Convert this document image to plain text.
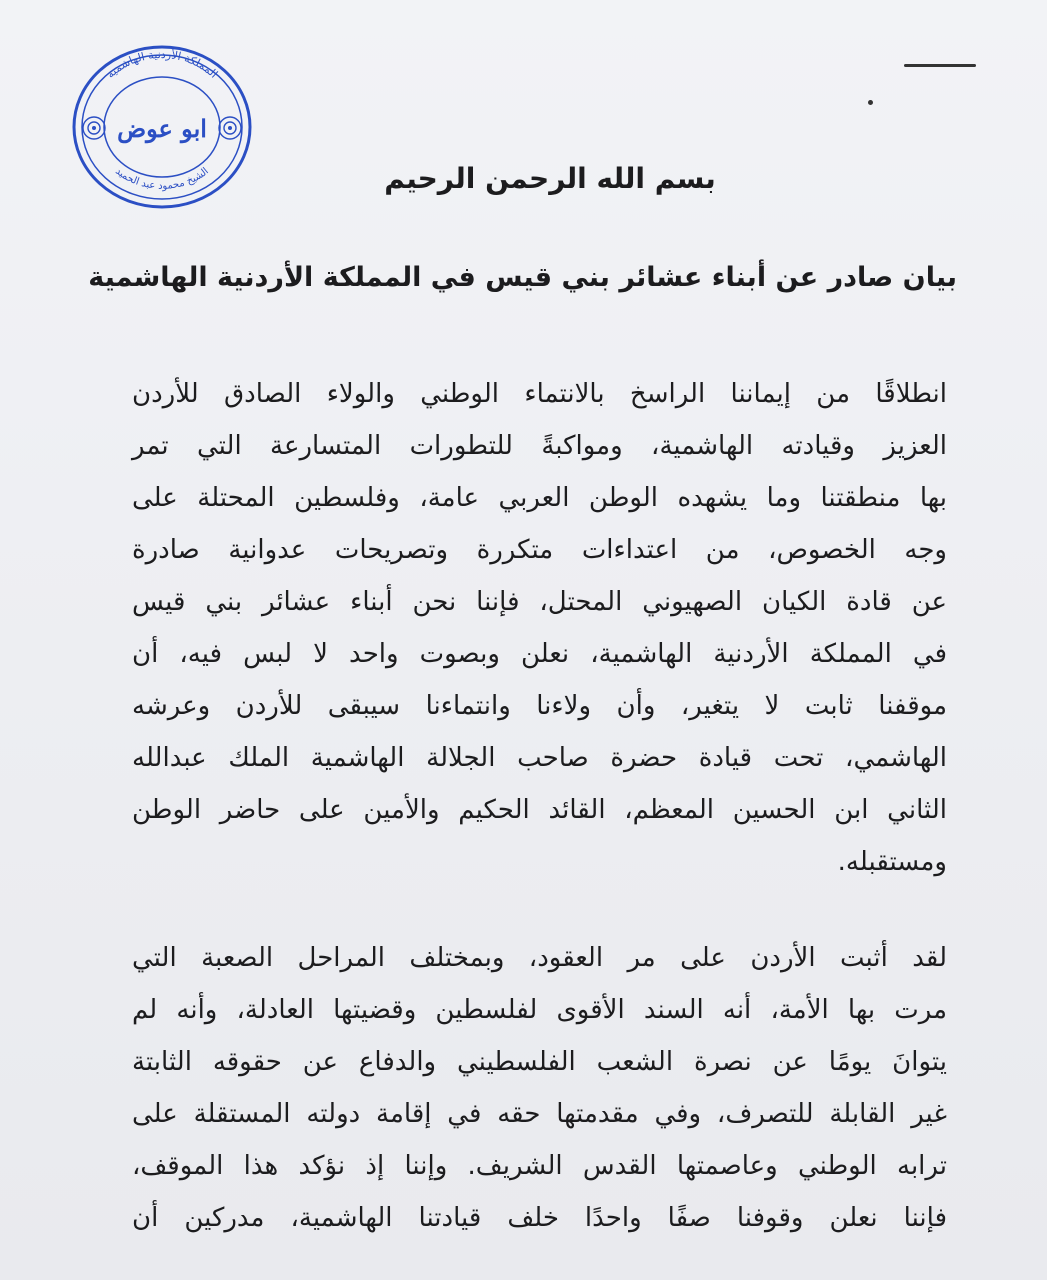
المملكة الأردنية الهاشمية
ابو عوض
الشيخ محمود عبد الحميد	بسم الله الرحمن الرحيم
بيان صادر عن أبناء عشائر بني قيس في المملكة الأردنية الهاشمية
انطلاقًا من إيماننا الراسخ بالانتماء الوطني والولاء الصادق للأردن
العزيز وقيادته الهاشمية، ومواكبةً للتطورات المتسارعة التي تمر
بها منطقتنا وما يشهده الوطن العربي عامة، وفلسطين المحتلة على
وجه الخصوص، من اعتداءات متكررة وتصريحات عدوانية صادرة
عن قادة الكيان الصهيوني المحتل، فإننا نحن أبناء عشائر بني قيس
في المملكة الأردنية الهاشمية، نعلن وبصوت واحد لا لبس فيه، أن
موقفنا ثابت لا يتغير، وأن ولاءنا وانتماءنا سيبقى للأردن وعرشه
الهاشمي، تحت قيادة حضرة صاحب الجلالة الهاشمية الملك عبدالله
الثاني ابن الحسين المعظم، القائد الحكيم والأمين على حاضر الوطن
ومستقبله.
لقد أثبت الأردن على مر العقود، وبمختلف المراحل الصعبة التي
مرت بها الأمة، أنه السند الأقوى لفلسطين وقضيتها العادلة، وأنه لم
يتوانَ يومًا عن نصرة الشعب الفلسطيني والدفاع عن حقوقه الثابتة
غير القابلة للتصرف، وفي مقدمتها حقه في إقامة دولته المستقلة على
ترابه الوطني وعاصمتها القدس الشريف. وإننا إذ نؤكد هذا الموقف،
فإننا نعلن وقوفنا صفًا واحدًا خلف قيادتنا الهاشمية، مدركين أن
